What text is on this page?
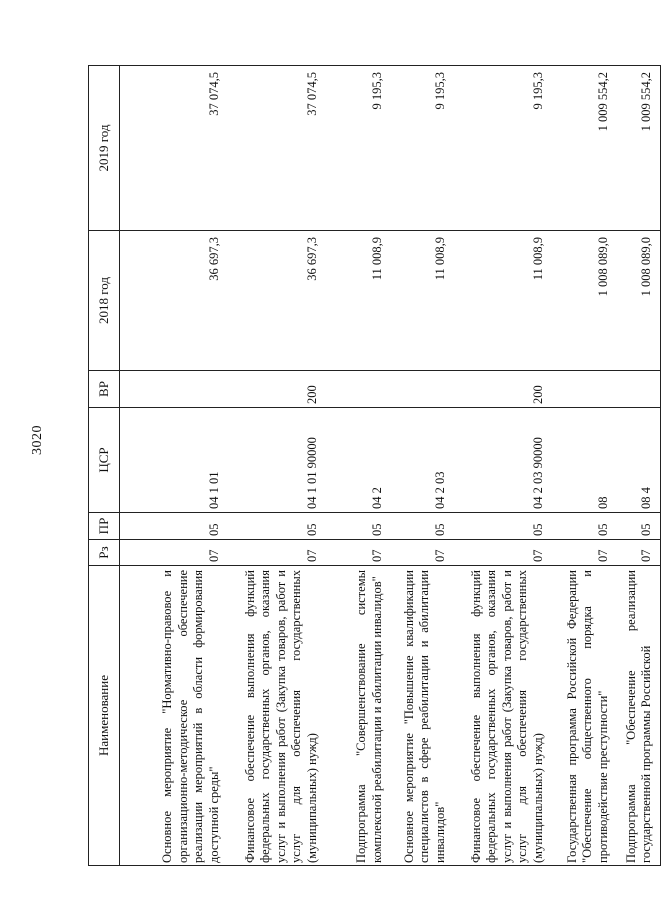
3020
Наименование	Рз	ПР	ЦСР	ВР	2018 год	2019 год
Основное мероприятие "Нормативно-правовое и организационно-методическое обеспечение реализации мероприятий в области формирования доступной среды"	07	05	04 1 01		36 697,3	37 074,5
Финансовое обеспечение выполнения функций федеральных государственных органов, оказания услуг и выполнения работ (Закупка товаров, работ и услуг для обеспечения государственных (муниципальных) нужд)	07	05	04 1 01 90000	200	36 697,3	37 074,5
Подпрограмма "Совершенствование системы комплексной реабилитации и абилитации инвалидов"	07	05	04 2		11 008,9	9 195,3
Основное мероприятие "Повышение квалификации специалистов в сфере реабилитации и абилитации инвалидов"	07	05	04 2 03		11 008,9	9 195,3
Финансовое обеспечение выполнения функций федеральных государственных органов, оказания услуг и выполнения работ (Закупка товаров, работ и услуг для обеспечения государственных (муниципальных) нужд)	07	05	04 2 03 90000	200	11 008,9	9 195,3
Государственная программа Российской Федерации "Обеспечение общественного порядка и противодействие преступности"	07	05	08		1 008 089,0	1 009 554,2
Подпрограмма "Обеспечение реализации государственной программы Российской	07	05	08 4		1 008 089,0	1 009 554,2
